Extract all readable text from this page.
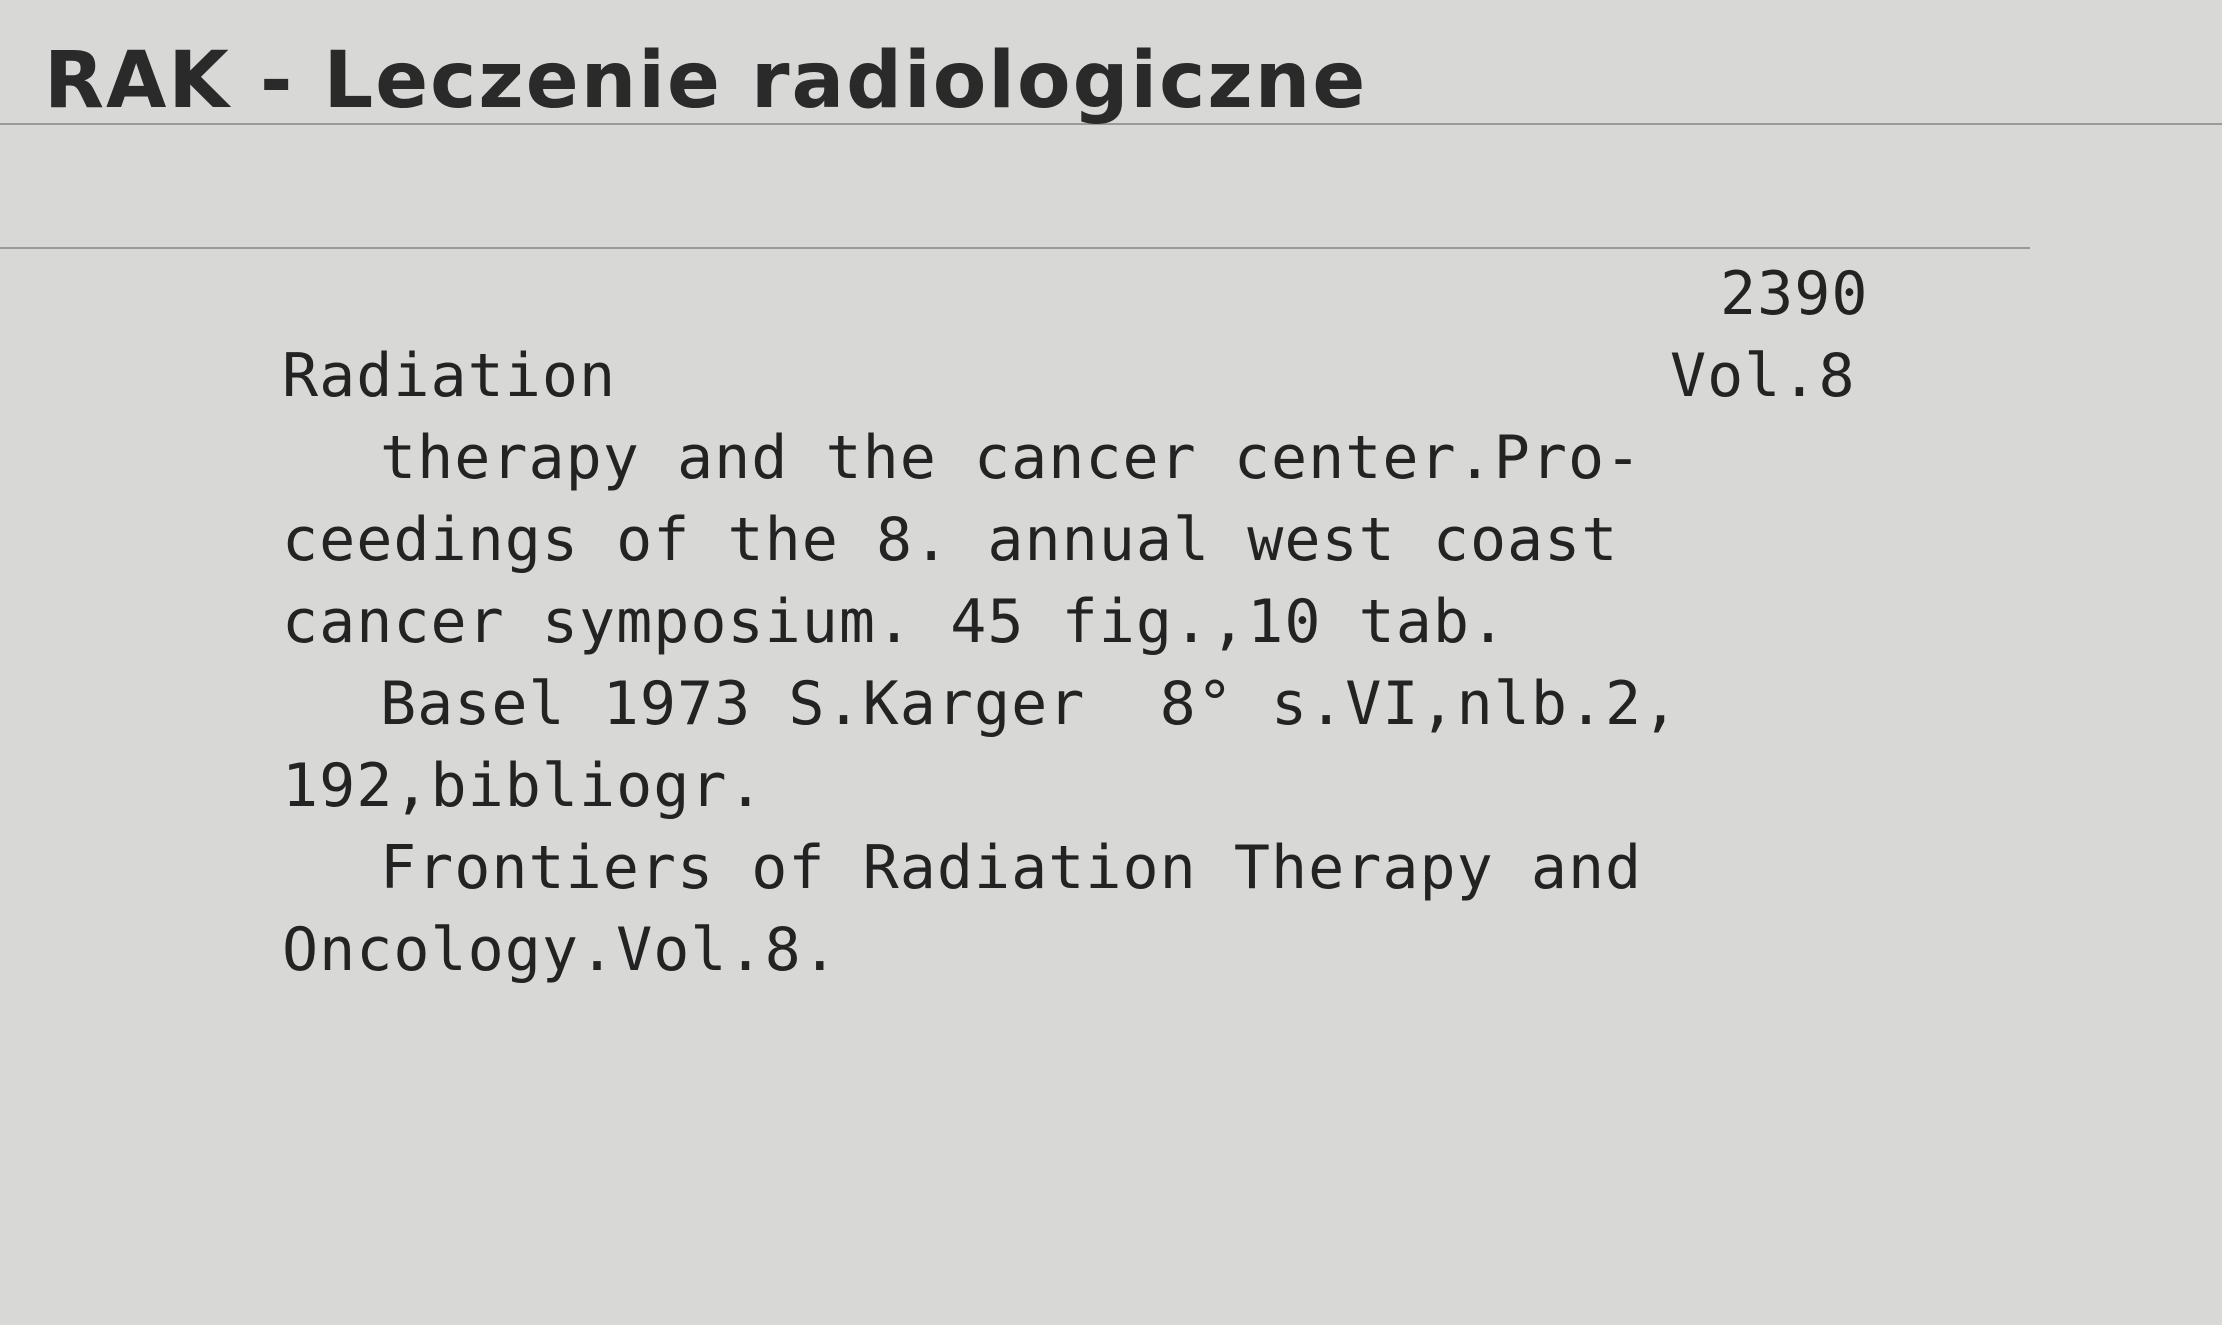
RAK - Leczenie radiologiczne
2390
Vol.8
Radiation
therapy and the cancer center.Pro-
ceedings of the 8. annual west coast
cancer symposium. 45 fig.,10 tab.
Basel 1973 S.Karger  8° s.VI,nlb.2,
192,bibliogr.
Frontiers of Radiation Therapy and
Oncology.Vol.8.
